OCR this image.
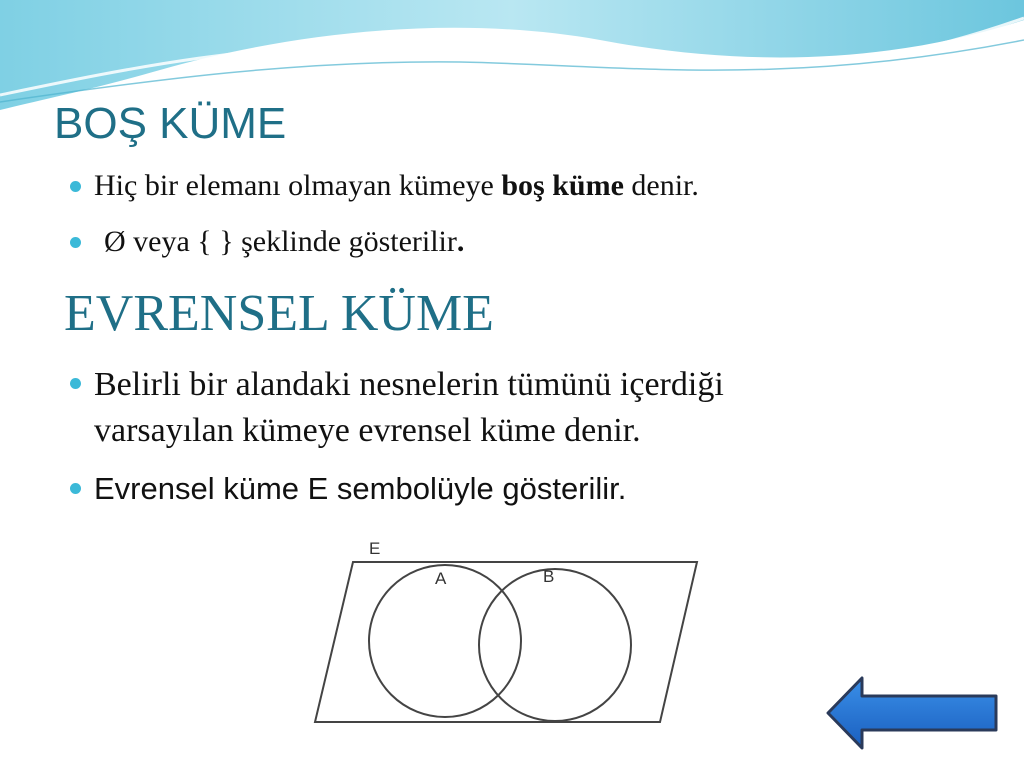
BOŞ KÜME
Hiç bir elemanı olmayan kümeye boş küme denir.
Ø veya { } şeklinde gösterilir.
EVRENSEL KÜME
Belirli bir alandaki nesnelerin tümünü içerdiği
varsayılan kümeye evrensel küme denir.
Evrensel küme E sembolüyle gösterilir.
E
A	B
